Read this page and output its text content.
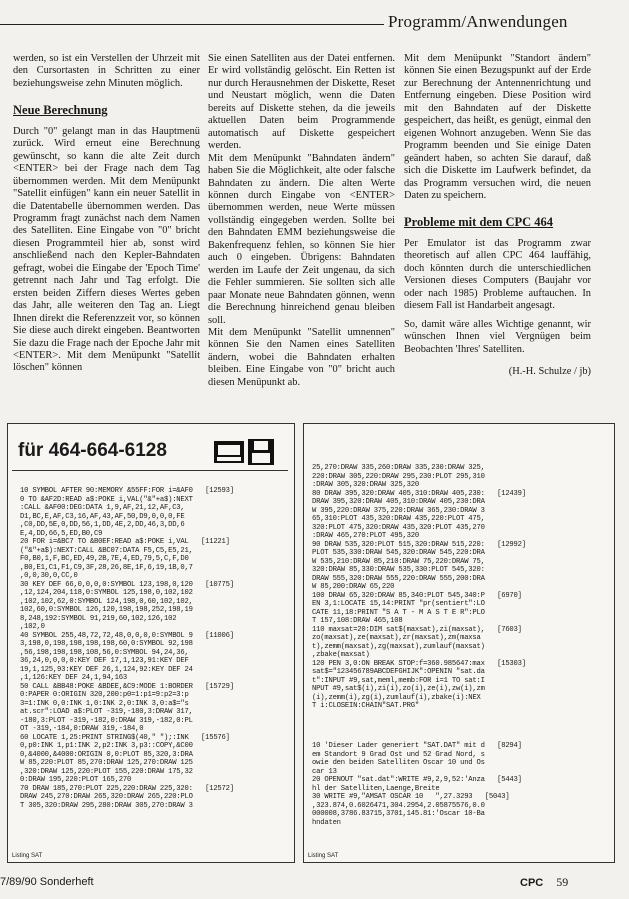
Programm/Anwendungen

werden, so ist ein Verstellen der Uhrzeit mit den Cursortasten in Schritten zu einer beziehungsweise zehn Minuten möglich.

Neue Berechnung

Durch "0" gelangt man in das Hauptmenü zurück. Wird erneut eine Berechnung gewünscht, so kann die alte Zeit durch <ENTER> bei der Frage nach dem Tag übernommen werden. Mit dem Menüpunkt "Satellit einfügen" kann ein neuer Satellit in die Datentabelle übernommen werden. Das Programm fragt zunächst nach dem Namen des Satelliten. Eine Eingabe von "0" bricht diesen Programmteil hier ab, sonst wird anschließend nach den Kepler-Bahndaten gefragt, wobei die Eingabe der 'Epoch Time' getrennt nach Jahr und Tag erfolgt. Die ersten beiden Ziffern dieses Wertes geben das Jahr, alle weiteren den Tag an. Liegt Ihnen direkt die Referenzzeit vor, so können Sie diese auch direkt eingeben. Beantworten Sie dazu die Frage nach der Epoche Jahr mit <ENTER>. Mit dem Menüpunkt "Satellit löschen" können

Sie einen Satelliten aus der Datei entfernen. Er wird vollständig gelöscht. Ein Retten ist nur durch Herausnehmen der Diskette, Reset und Neustart möglich, wenn die Daten bereits auf Diskette stehen, da die jeweils aktuellen Daten beim Programmende automatisch auf Diskette gespeichert werden.

Mit dem Menüpunkt "Bahndaten ändern" haben Sie die Möglichkeit, alte oder falsche Bahndaten zu ändern. Die alten Werte können durch Eingabe von <ENTER> übernommen werden, neue Werte müssen vollständig eingegeben werden. Sollte bei den Bahndaten EMM beziehungsweise die Bakenfrequenz fehlen, so können Sie hier auch 0 eingeben. Übrigens: Bahndaten werden im Laufe der Zeit ungenau, da sich die Fehler summieren. Sie sollten sich alle paar Monate neue Bahndaten gönnen, wenn die Berechnung hinreichend genau bleiben soll.

Mit dem Menüpunkt "Satellit umnennen" können Sie den Namen eines Satelliten ändern, wobei die Bahndaten erhalten bleiben. Eine Eingabe von "0" bricht auch diesen Menüpunkt ab.

Mit dem Menüpunkt "Standort ändern" können Sie einen Bezugspunkt auf der Erde zur Berechnung der Antennenrichtung und Entfernung eingeben. Diese Position wird mit den Bahndaten auf der Diskette gespeichert, das heißt, es genügt, einmal den eigenen Wohnort anzugeben. Wenn Sie das Programm beenden und Sie einige Daten geändert haben, so achten Sie darauf, daß sich die Diskette im Laufwerk befindet, da das Programm versuchen wird, die neuen Daten zu speichern.

Probleme mit dem CPC 464

Per Emulator ist das Programm zwar theoretisch auf allen CPC 464 lauffähig, doch könnten durch die unterschiedlichen Versionen dieses Computers (Baujahr vor oder nach 1985) Probleme auftauchen. In diesem Fall ist Handarbeit angesagt.

So, damit wäre alles Wichtige genannt, wir wünschen Ihnen viel Vergnügen beim Beobachten 'Ihres' Satelliten.

(H.-H. Schulze / jb)

für 464-664-6128
10 SYMBOL AFTER 90:MEMORY &55FF:FOR i=&AF0   [12593]
0 TO &AF2D:READ a$:POKE i,VAL("&"+a$):NEXT
:CALL &AF00:DEG:DATA 1,9,AF,21,12,AF,C3,
D1,BC,E,AF,C3,16,AF,43,AF,50,D9,0,0,0,FE
,C0,DD,5E,0,DD,56,1,DD,4E,2,DD,46,3,DD,6
E,4,DD,66,5,ED,B0,C9
20 FOR i=&BC7 TO &B0EF:READ a$:POKE i,VAL   [11221]
("&"+a$):NEXT:CALL &BC07:DATA F5,C5,E5,21,
F0,B0,1,F,BC,ED,49,2B,7E,4,ED,79,5,C,F,D0
,B0,E1,C1,F1,C9,3F,28,26,8E,1F,6,19,1B,0,7
,0,0,30,0,CC,0
30 KEY DEF 66,0,0,0,0:SYMBOL 123,198,0,120   [10775]
,12,124,204,118,0:SYMBOL 125,198,0,102,102
,102,102,62,0:SYMBOL 124,198,0,60,102,102,
102,60,0:SYMBOL 126,120,198,198,252,198,19
8,248,192:SYMBOL 91,219,60,102,126,102
,102,0
40 SYMBOL 255,48,72,72,48,0,0,0,0:SYMBOL 9   [11006]
3,198,0,198,198,198,198,60,0:SYMBOL 92,198
,56,198,198,198,108,56,0:SYMBOL 94,24,36,
36,24,0,0,0,0:KEY DEF 17,1,123,91:KEY DEF
19,1,125,93:KEY DEF 26,1,124,92:KEY DEF 24
,1,126:KEY DEF 24,1,94,163
50 CALL &BB48:POKE &BDEE,&C9:MODE 1:BORDER   [15729]
0:PAPER 0:ORIGIN 320,200:p0=1:p1=9:p2=3:p
3=1:INK 0,0:INK 1,0:INK 2,0:INK 3,0:a$="s
at.scr":LOAD a$:PLOT -319,-180,3:DRAW 317,
-180,3:PLOT -319,-182,0:DRAW 319,-182,0:PL
OT -319,-184,0:DRAW 319,-184,0
60 LOCATE 1,25:PRINT STRING$(40," ");:INK   [15576]
0,p0:INK 1,p1:INK 2,p2:INK 3,p3::COPY,&C00
0,&4000,&4000:ORIGIN 0,0:PLOT 85,320,3:DRA
W 85,220:PLOT 85,270:DRAW 125,270:DRAW 125
,320:DRAW 125,220:PLOT 155,220:DRAW 175,32
0:DRAW 195,220:PLOT 165,270
70 DRAW 185,270:PLOT 225,220:DRAW 225,320:   [12572]
DRAW 245,270:DRAW 265,320:DRAW 265,220:PLO
T 305,320:DRAW 295,280:DRAW 305,270:DRAW 3
Listing SAT
25,270:DRAW 335,260:DRAW 335,230:DRAW 325,
220:DRAW 305,220:DRAW 295,230:PLOT 295,310
:DRAW 305,320:DRAW 325,320
80 DRAW 395,320:DRAW 405,310:DRAW 405,230:   [12439]
DRAW 395,320:DRAW 405,310:DRAW 405,230:DRA
W 395,220:DRAW 375,220:DRAW 365,230:DRAW 3
65,310:PLOT 435,320:DRAW 435,220:PLOT 475,
320:PLOT 475,320:DRAW 435,320:PLOT 435,270
:DRAW 465,270:PLOT 495,320
90 DRAW 535,320:PLOT 515,320:DRAW 515,220:   [12992]
PLOT 535,330:DRAW 545,320:DRAW 545,220:DRA
W 535,210:DRAW 85,210:DRAW 75,220:DRAW 75,
320:DRAW 85,330:DRAW 535,330:PLOT 545,320:
DRAW 555,320:DRAW 555,220:DRAW 555,200:DRA
W 85,200:DRAW 65,220
100 DRAW 65,320:DRAW 85,340:PLOT 545,340:P   [6970]
EN 3,1:LOCATE 15,14:PRINT "pr(sentiert":LO
CATE 11,18:PRINT "S A T - M A S T E R":PLO
T 157,108:DRAW 465,108
110 maxsat=20:DIM sat$(maxsat),zi(maxsat),   [7603]
zo(maxsat),ze(maxsat),zr(maxsat),zm(maxsa
t),zemm(maxsat),zg(maxsat),zumlauf(maxsat)
,zbake(maxsat)
120 PEN 3,0:ON BREAK STOP:f=360.985647:max   [15303]
sat$="123456789ABCDEFGHIJK":OPENIN "sat.da
t":INPUT #9,sat,meml,memb:FOR i=1 TO sat:I
NPUT #9,sat$(i),zi(i),zo(i),ze(i),zw(i),zm
(i),zemm(i),zg(i),zumlauf(i),zbake(i):NEX
T i:CLOSEIN:CHAIN"SAT.PRG"
10 'Dieser Lader generiert "SAT.DAT" mit d   [8294]
em Standort 9 Grad Ost und 52 Grad Nord, s
owie den beiden Satelliten Oscar 10 und Os
car 13
20 OPENOUT "sat.dat":WRITE #9,2,9,52:'Anza   [5443]
hl der Satelliten,Laenge,Breite
30 WRITE #9,"AMSAT OSCAR 10   ",27.3293   [5043]
,323.874,0.6026471,304.2954,2.05875576,0.0
000008,3786.83715,3701,145.81:'Oscar 10-Ba
hndaten
Listing SAT
7/89/90 Sonderheft	CPC 59
